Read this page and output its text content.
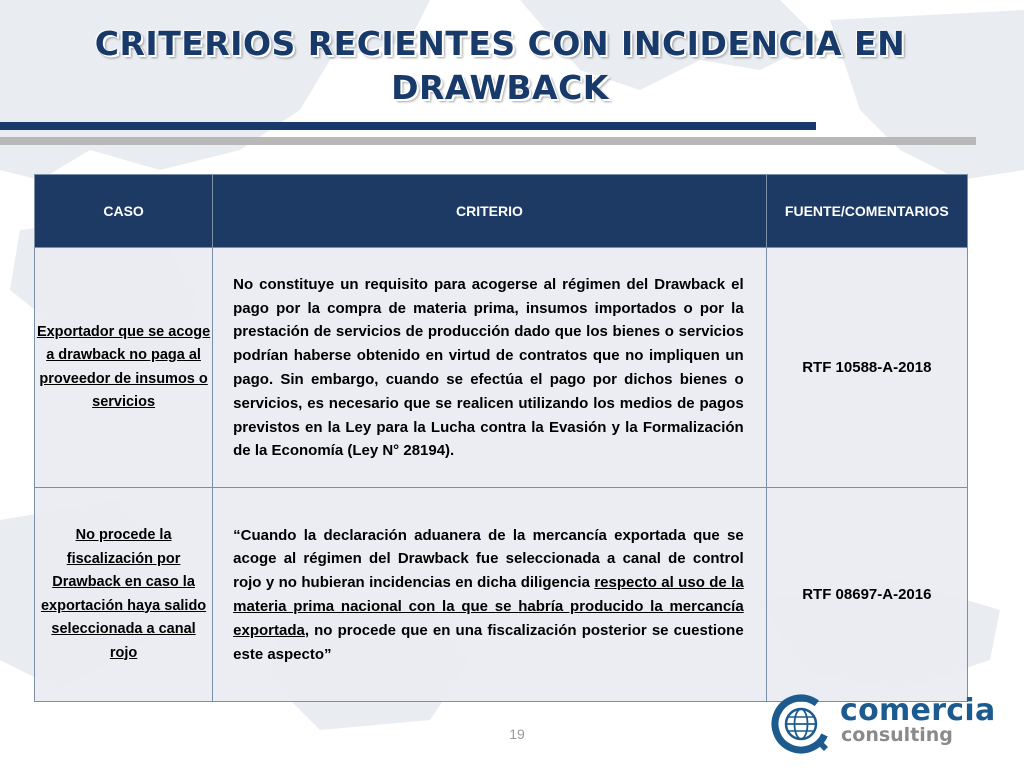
CRITERIOS RECIENTES CON INCIDENCIA EN DRAWBACK
CASO	CRITERIO	FUENTE/COMENTARIOS
Exportador que se acoge a drawback no paga al proveedor de insumos o servicios	No constituye un requisito para acogerse al régimen del Drawback el pago por la compra de materia prima, insumos importados o por la prestación de servicios de producción dado que los bienes o servicios podrían haberse obtenido en virtud de contratos que no impliquen un pago. Sin embargo, cuando se efectúa el pago por dichos bienes o servicios, es necesario que se realicen utilizando los medios de pagos previstos en la Ley para la Lucha contra la Evasión y la Formalización de la Economía (Ley N° 28194).	RTF 10588-A-2018
No procede la fiscalización por Drawback en caso la exportación haya salido seleccionada a canal rojo	“Cuando la declaración aduanera de la mercancía exportada que se acoge al régimen del Drawback fue seleccionada a canal de control rojo y no hubieran incidencias en dicha diligencia respecto al uso de la materia prima nacional con la que se habría producido la mercancía exportada, no procede que en una fiscalización posterior se cuestione este aspecto”	RTF 08697-A-2016
19
comercia
consulting
